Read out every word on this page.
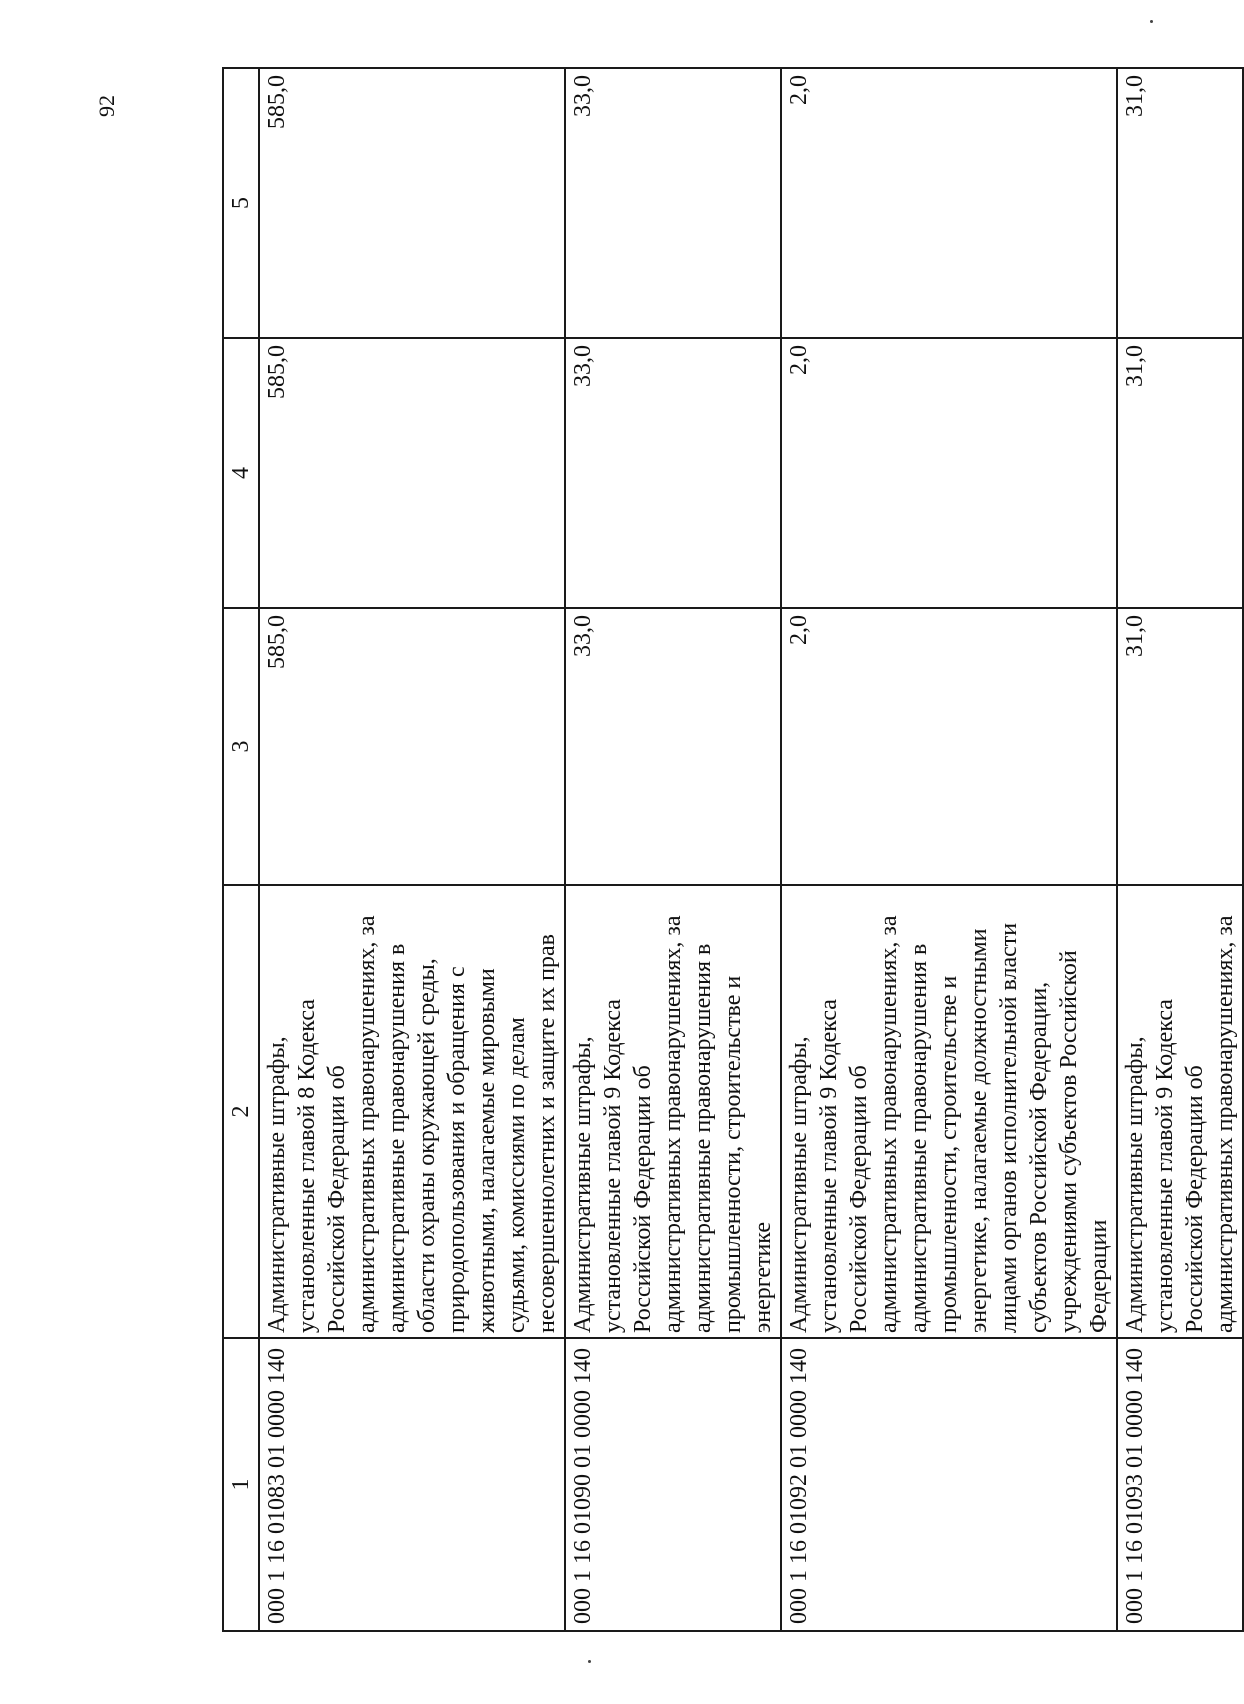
92
1	2	3	4	5
000 1 16 01083 01 0000 140	Административные штрафы, установленные главой 8 Кодекса Российской Федерации об административных правонарушениях, за административные правонарушения в области охраны окружающей среды, природопользования и обращения с животными, налагаемые мировыми судьями, комиссиями по делам несовершеннолетних и защите их прав	585,0	585,0	585,0
000 1 16 01090 01 0000 140	Административные штрафы, установленные главой 9 Кодекса Российской Федерации об административных правонарушениях, за административные правонарушения в промышленности, строительстве и энергетике	33,0	33,0	33,0
000 1 16 01092 01 0000 140	Административные штрафы, установленные главой 9 Кодекса Российской Федерации об административных правонарушениях, за административные правонарушения в промышленности, строительстве и энергетике, налагаемые должностными лицами органов исполнительной власти субъектов Российской Федерации, учреждениями субъектов Российской Федерации	2,0	2,0	2,0
000 1 16 01093 01 0000 140	Административные штрафы, установленные главой 9 Кодекса Российской Федерации об административных правонарушениях, за	31,0	31,0	31,0
